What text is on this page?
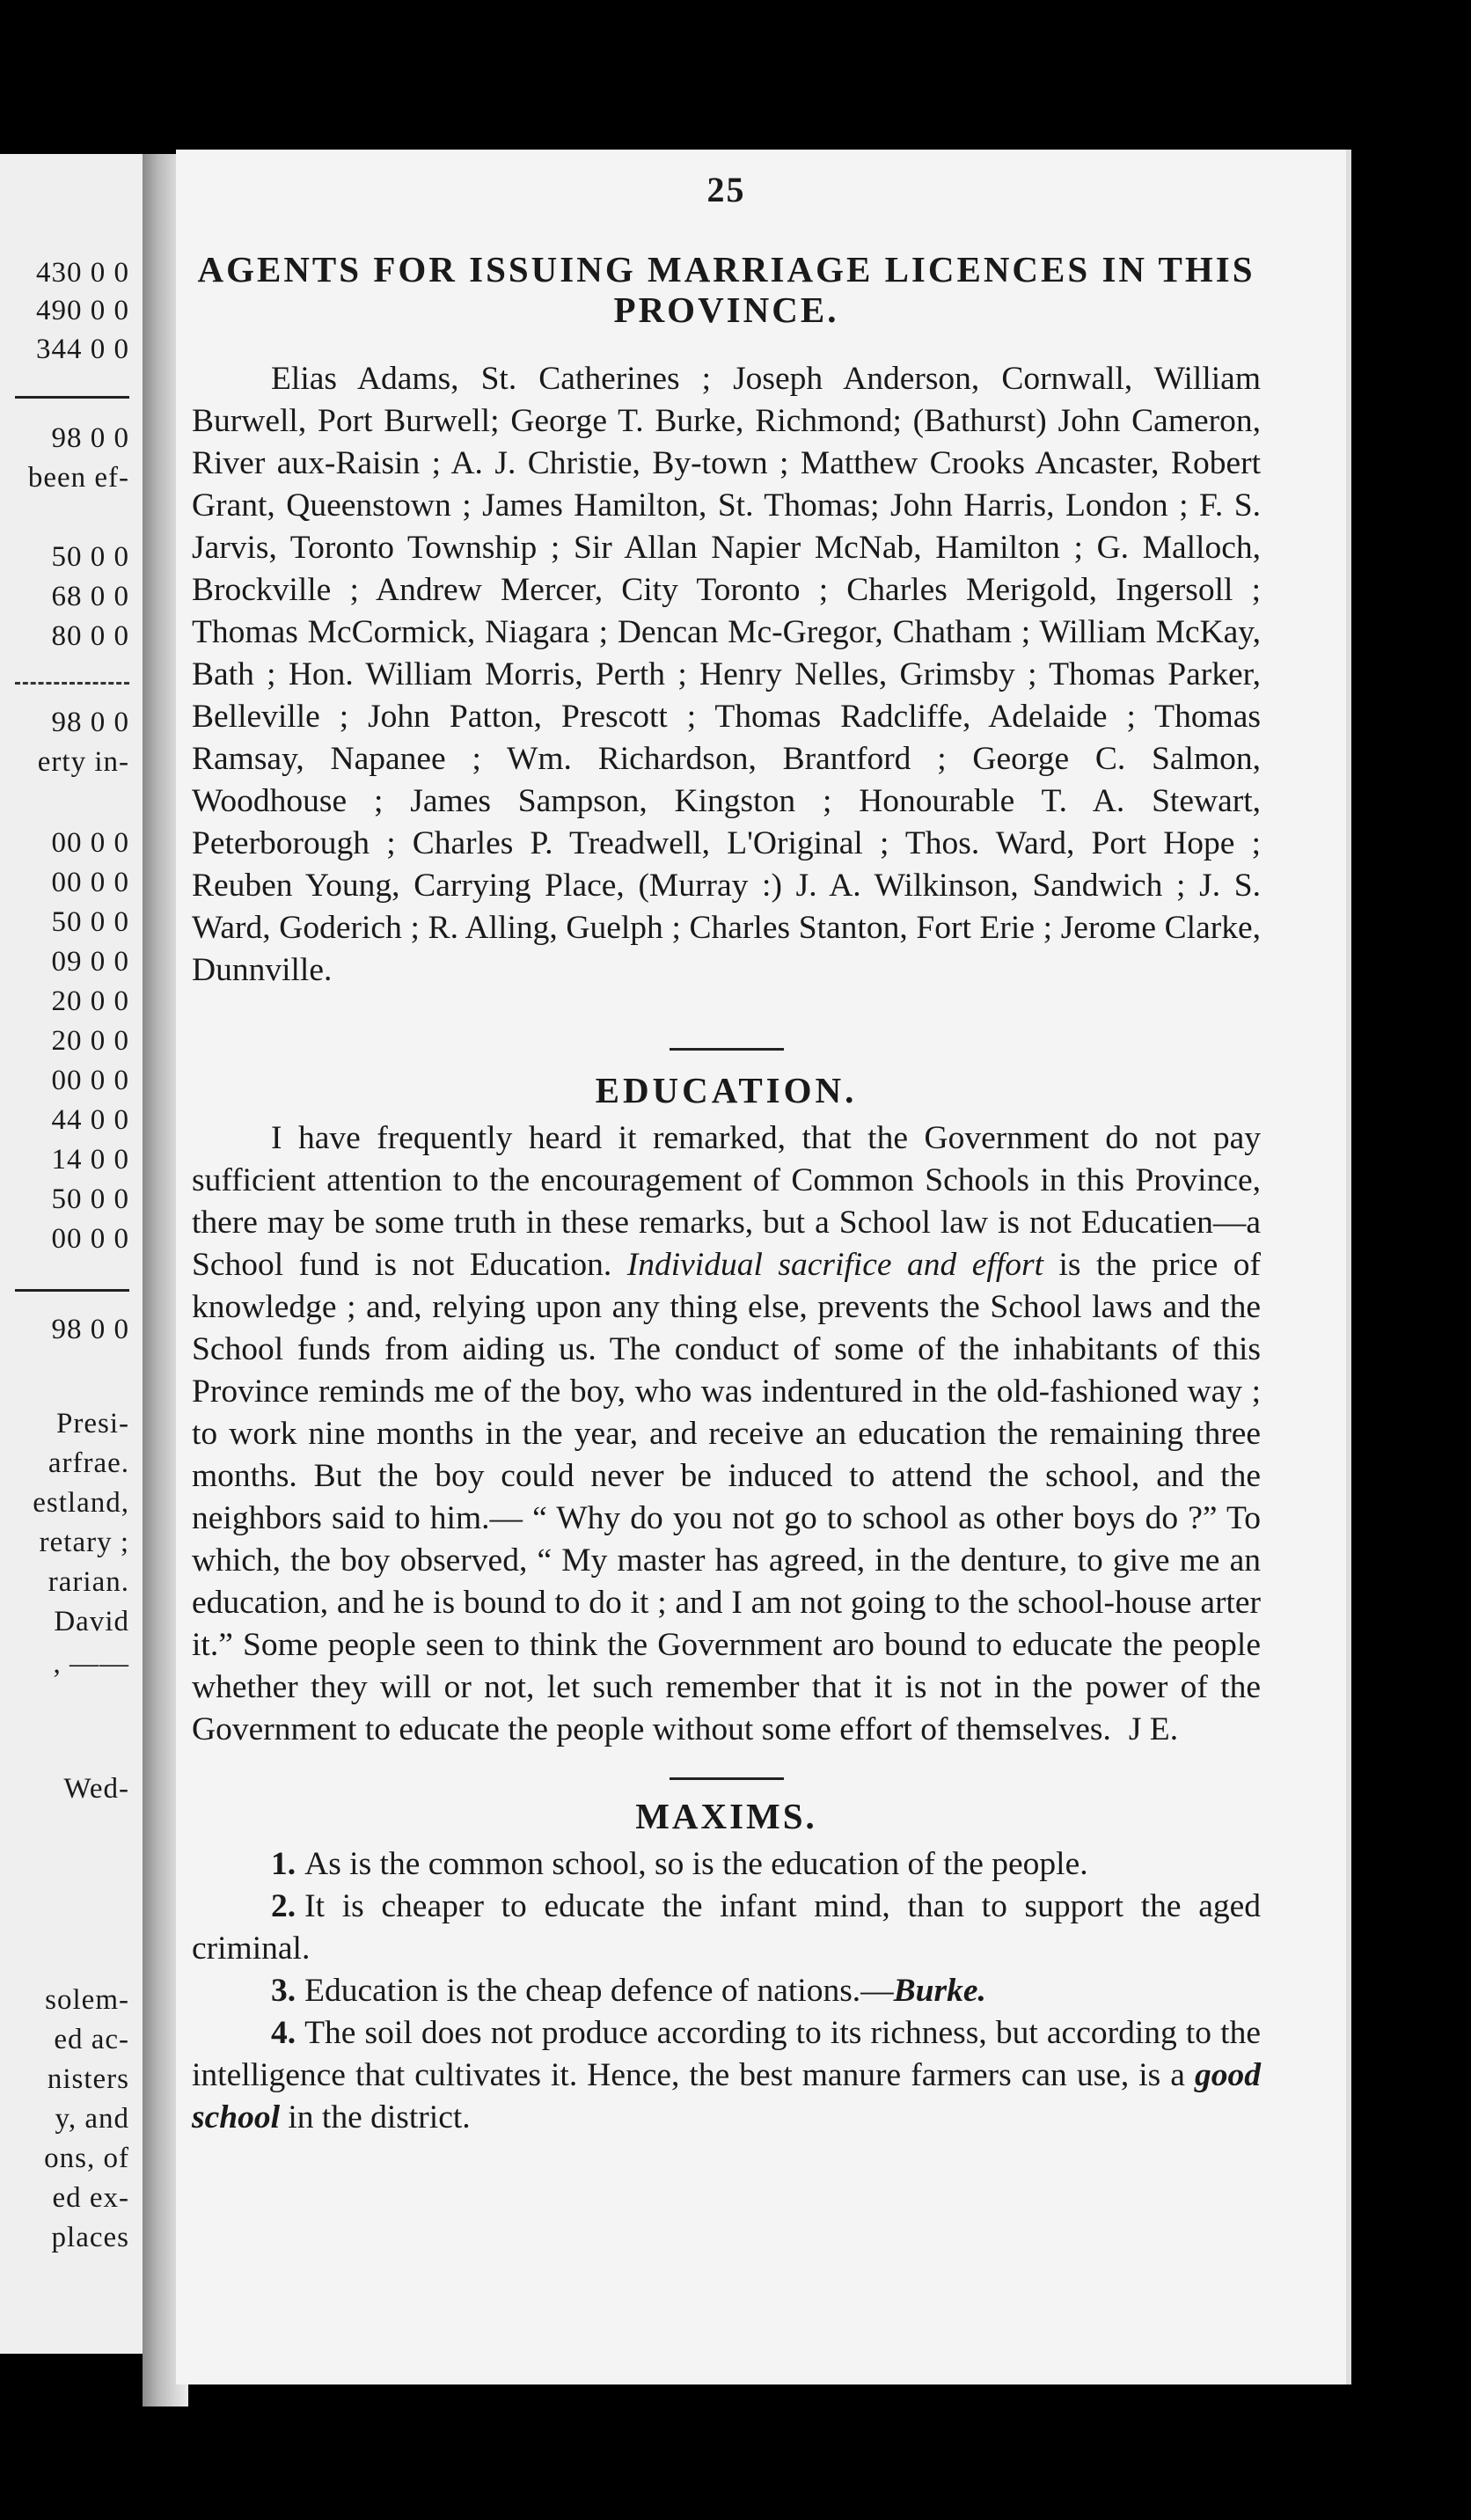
430 0 0
490 0 0
344 0 0
98 0 0
been ef-
50 0 0
68 0 0
80 0 0
98 0 0
erty in-
00 0 0
00 0 0
50 0 0
09 0 0
20 0 0
20 0 0
00 0 0
44 0 0
14 0 0
50 0 0
00 0 0
98 0 0
Presi-
arfrae.
estland,
retary ;
rarian.
David
, ——
Wed-
solem-
ed ac-
nisters
y, and
ons, of
ed ex-
places
25
AGENTS FOR ISSUING MARRIAGE LICENCES IN THIS PROVINCE.

Elias Adams, St. Catherines ; Joseph Anderson, Cornwall, William Burwell, Port Burwell; George T. Burke, Richmond; (Bathurst) John Cameron, River aux-Raisin ; A. J. Christie, By-town ; Matthew Crooks Ancaster, Robert Grant, Queenstown ; James Hamilton, St. Thomas; John Harris, London ; F. S. Jarvis, Toronto Township ; Sir Allan Napier McNab, Hamilton ; G. Malloch, Brockville ; Andrew Mercer, City Toronto ; Charles Merigold, Ingersoll ; Thomas McCormick, Niagara ; Dencan Mc-Gregor, Chatham ; William McKay, Bath ; Hon. William Morris, Perth ; Henry Nelles, Grimsby ; Thomas Parker, Belleville ; John Patton, Prescott ; Thomas Radcliffe, Adelaide ; Thomas Ramsay, Napanee ; Wm. Richardson, Brantford ; George C. Salmon, Woodhouse ; James Sampson, Kingston ; Honourable T. A. Stewart, Peterborough ; Charles P. Treadwell, L'Original ; Thos. Ward, Port Hope ; Reuben Young, Carrying Place, (Murray :) J. A. Wilkinson, Sandwich ; J. S. Ward, Goderich ; R. Alling, Guelph ; Charles Stanton, Fort Erie ; Jerome Clarke, Dunnville.

EDUCATION.

I have frequently heard it remarked, that the Government do not pay sufficient attention to the encouragement of Common Schools in this Province, there may be some truth in these remarks, but a School law is not Educatien—a School fund is not Education. Individual sacrifice and effort is the price of knowledge ; and, relying upon any thing else, prevents the School laws and the School funds from aiding us. The conduct of some of the inhabitants of this Province reminds me of the boy, who was indentured in the old-fashioned way ; to work nine months in the year, and receive an education the remaining three months. But the boy could never be induced to attend the school, and the neighbors said to him.— “ Why do you not go to school as other boys do ?” To which, the boy observed, “ My master has agreed, in the denture, to give me an education, and he is bound to do it ; and I am not going to the school-house arter it.” Some people seen to think the Government aro bound to educate the people whether they will or not, let such remember that it is not in the power of the Government to educate the people without some effort of themselves. J E.

MAXIMS.

1. As is the common school, so is the education of the people.

2. It is cheaper to educate the infant mind, than to support the aged criminal.

3. Education is the cheap defence of nations.—Burke.

4. The soil does not produce according to its richness, but according to the intelligence that cultivates it. Hence, the best manure farmers can use, is a good school in the district.
